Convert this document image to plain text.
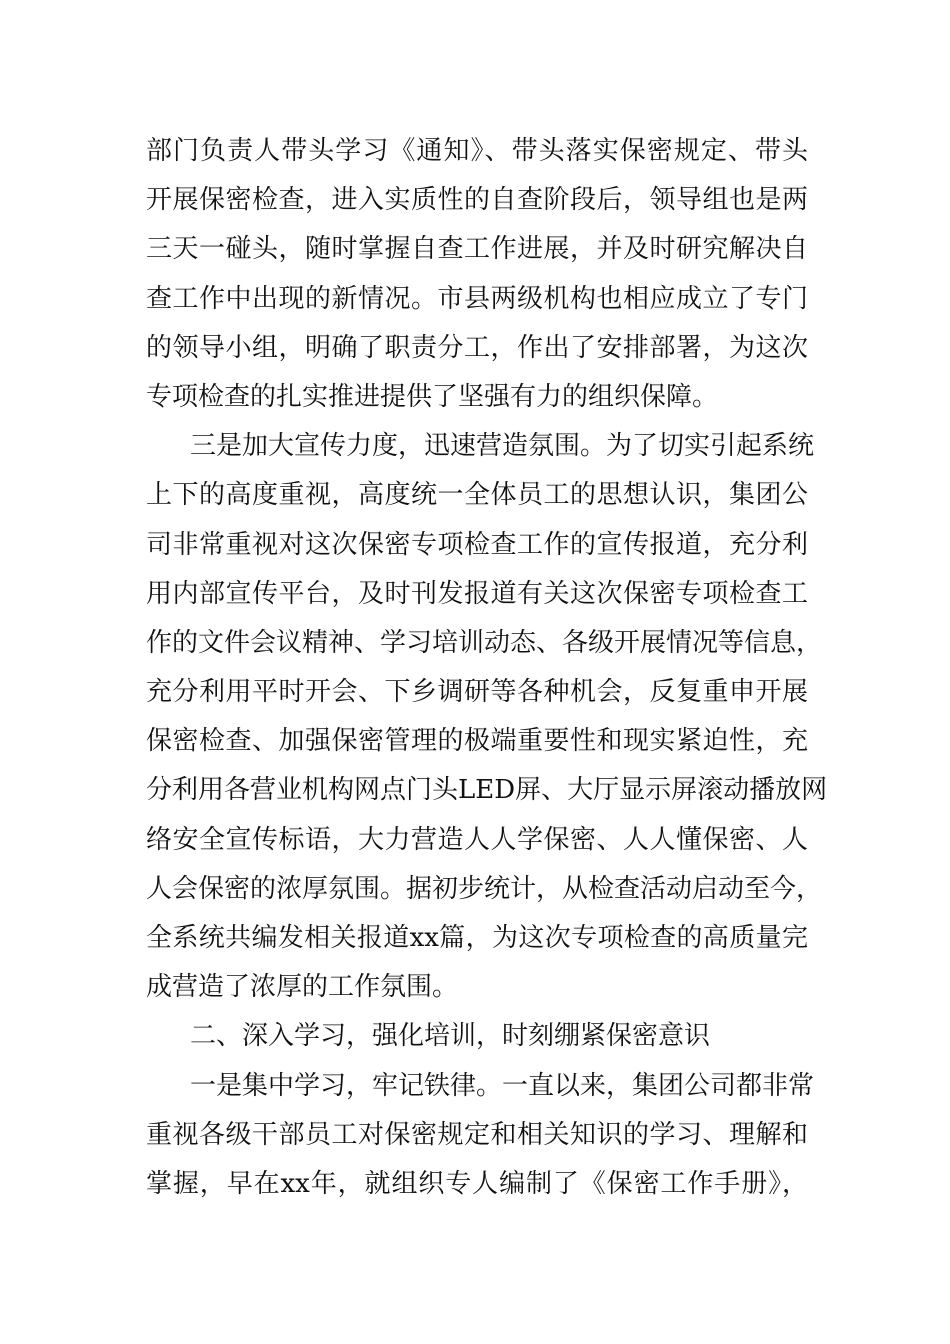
部门负责人带头学习《通知》、带头落实保密规定、带头
开展保密检查，进入实质性的自查阶段后，领导组也是两
三天一碰头，随时掌握自查工作进展，并及时研究解决自
查工作中出现的新情况。市县两级机构也相应成立了专门
的领导小组，明确了职责分工，作出了安排部署，为这次
专项检查的扎实推进提供了坚强有力的组织保障。
三是加大宣传力度，迅速营造氛围。为了切实引起系统
上下的高度重视，高度统一全体员工的思想认识，集团公
司非常重视对这次保密专项检查工作的宣传报道，充分利
用内部宣传平台，及时刊发报道有关这次保密专项检查工
作的文件会议精神、学习培训动态、各级开展情况等信息，
充分利用平时开会、下乡调研等各种机会，反复重申开展
保密检查、加强保密管理的极端重要性和现实紧迫性，充
分利用各营业机构网点门头LED屏、大厅显示屏滚动播放网
络安全宣传标语，大力营造人人学保密、人人懂保密、人
人会保密的浓厚氛围。据初步统计，从检查活动启动至今，
全系统共编发相关报道xx篇，为这次专项检查的高质量完
成营造了浓厚的工作氛围。
二、深入学习，强化培训，时刻绷紧保密意识
一是集中学习，牢记铁律。一直以来，集团公司都非常
重视各级干部员工对保密规定和相关知识的学习、理解和
掌握，早在xx年，就组织专人编制了《保密工作手册》，
